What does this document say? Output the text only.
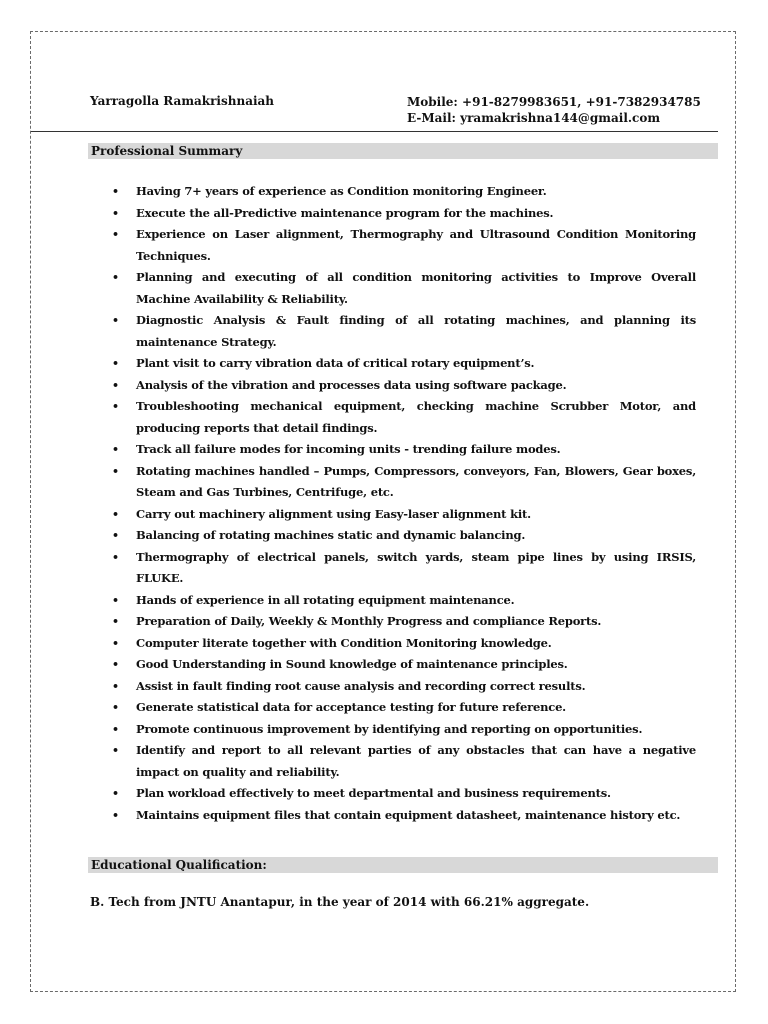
Yarragolla Ramakrishnaiah	Mobile: +91-8279983651, +91-7382934785
E-Mail: yramakrishna144@gmail.com
Professional Summary
• Having 7+ years of experience as Condition monitoring Engineer.
• Execute the all-Predictive maintenance program for the machines.
• Experience on Laser alignment, Thermography and Ultrasound Condition Monitoring Techniques.
• Planning and executing of all condition monitoring activities to Improve Overall Machine Availability & Reliability.
• Diagnostic Analysis & Fault finding of all rotating machines, and planning its maintenance Strategy.
• Plant visit to carry vibration data of critical rotary equipment’s.
• Analysis of the vibration and processes data using software package.
• Troubleshooting mechanical equipment, checking machine Scrubber Motor, and producing reports that detail findings.
• Track all failure modes for incoming units - trending failure modes.
• Rotating machines handled – Pumps, Compressors, conveyors, Fan, Blowers, Gear boxes, Steam and Gas Turbines, Centrifuge, etc.
• Carry out machinery alignment using Easy-laser alignment kit.
• Balancing of rotating machines static and dynamic balancing.
• Thermography of electrical panels, switch yards, steam pipe lines by using IRSIS, FLUKE.
• Hands of experience in all rotating equipment maintenance.
• Preparation of Daily, Weekly & Monthly Progress and compliance Reports.
• Computer literate together with Condition Monitoring knowledge.
• Good Understanding in Sound knowledge of maintenance principles.
• Assist in fault finding root cause analysis and recording correct results.
• Generate statistical data for acceptance testing for future reference.
• Promote continuous improvement by identifying and reporting on opportunities.
• Identify and report to all relevant parties of any obstacles that can have a negative impact on quality and reliability.
• Plan workload effectively to meet departmental and business requirements.
• Maintains equipment files that contain equipment datasheet, maintenance history etc.
Educational Qualification:
B. Tech from JNTU Anantapur, in the year of 2014 with 66.21% aggregate.
